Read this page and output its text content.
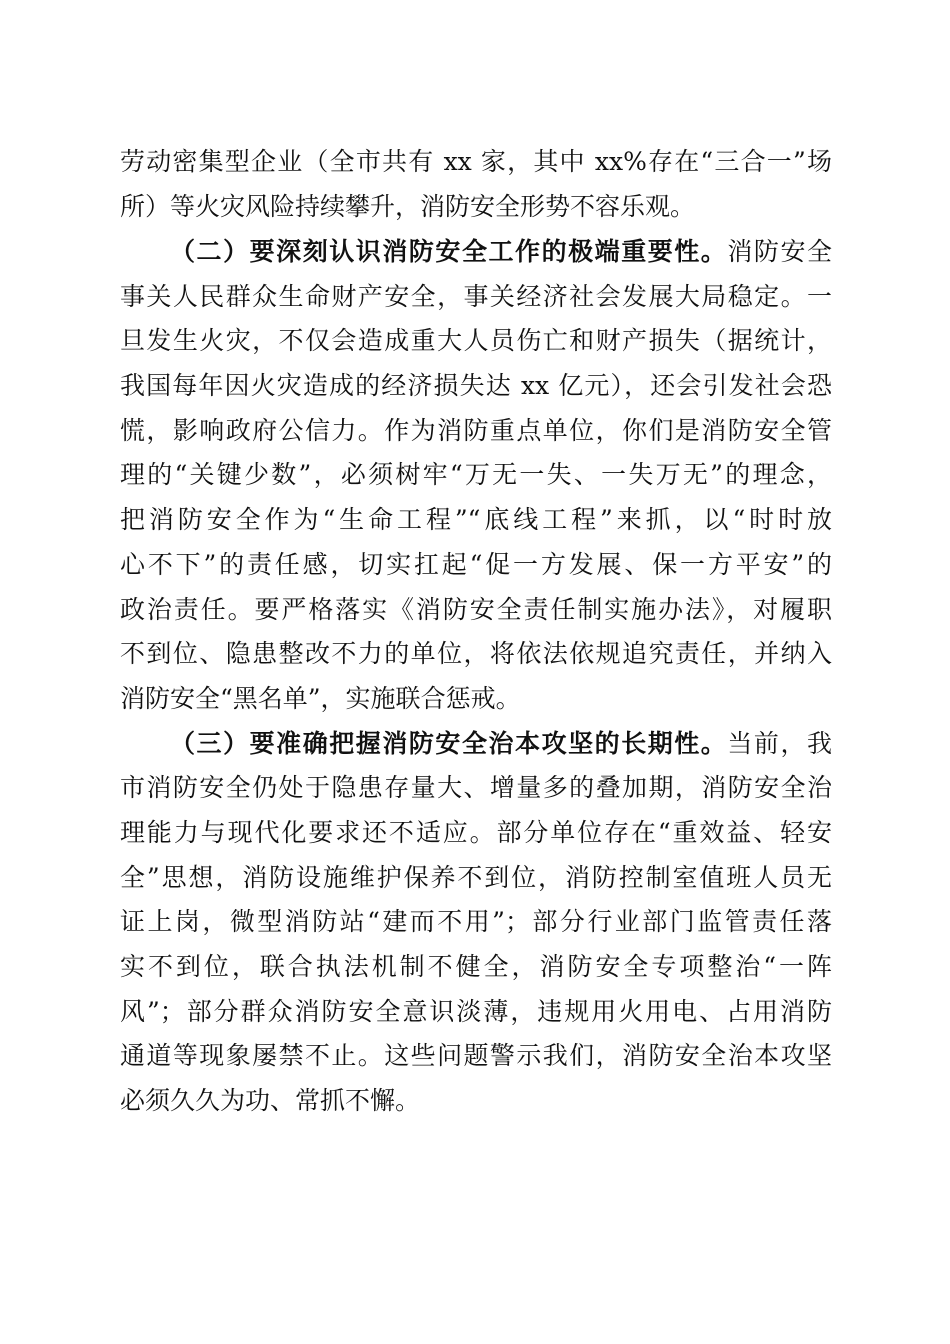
劳动密集型企业（全市共有 xx 家，其中 xx%存在“三合一”场
所）等火灾风险持续攀升，消防安全形势不容乐观。
（二）要深刻认识消防安全工作的极端重要性。消防安全
事关人民群众生命财产安全，事关经济社会发展大局稳定。一
旦发生火灾，不仅会造成重大人员伤亡和财产损失（据统计，
我国每年因火灾造成的经济损失达 xx 亿元），还会引发社会恐
慌，影响政府公信力。作为消防重点单位，你们是消防安全管
理的“关键少数”，必须树牢“万无一失、一失万无”的理念，
把消防安全作为“生命工程”“底线工程”来抓，以“时时放
心不下”的责任感，切实扛起“促一方发展、保一方平安”的
政治责任。要严格落实《消防安全责任制实施办法》，对履职
不到位、隐患整改不力的单位，将依法依规追究责任，并纳入
消防安全“黑名单”，实施联合惩戒。
（三）要准确把握消防安全治本攻坚的长期性。当前，我
市消防安全仍处于隐患存量大、增量多的叠加期，消防安全治
理能力与现代化要求还不适应。部分单位存在“重效益、轻安
全”思想，消防设施维护保养不到位，消防控制室值班人员无
证上岗，微型消防站“建而不用”；部分行业部门监管责任落
实不到位，联合执法机制不健全，消防安全专项整治“一阵
风”；部分群众消防安全意识淡薄，违规用火用电、占用消防
通道等现象屡禁不止。这些问题警示我们，消防安全治本攻坚
必须久久为功、常抓不懈。
